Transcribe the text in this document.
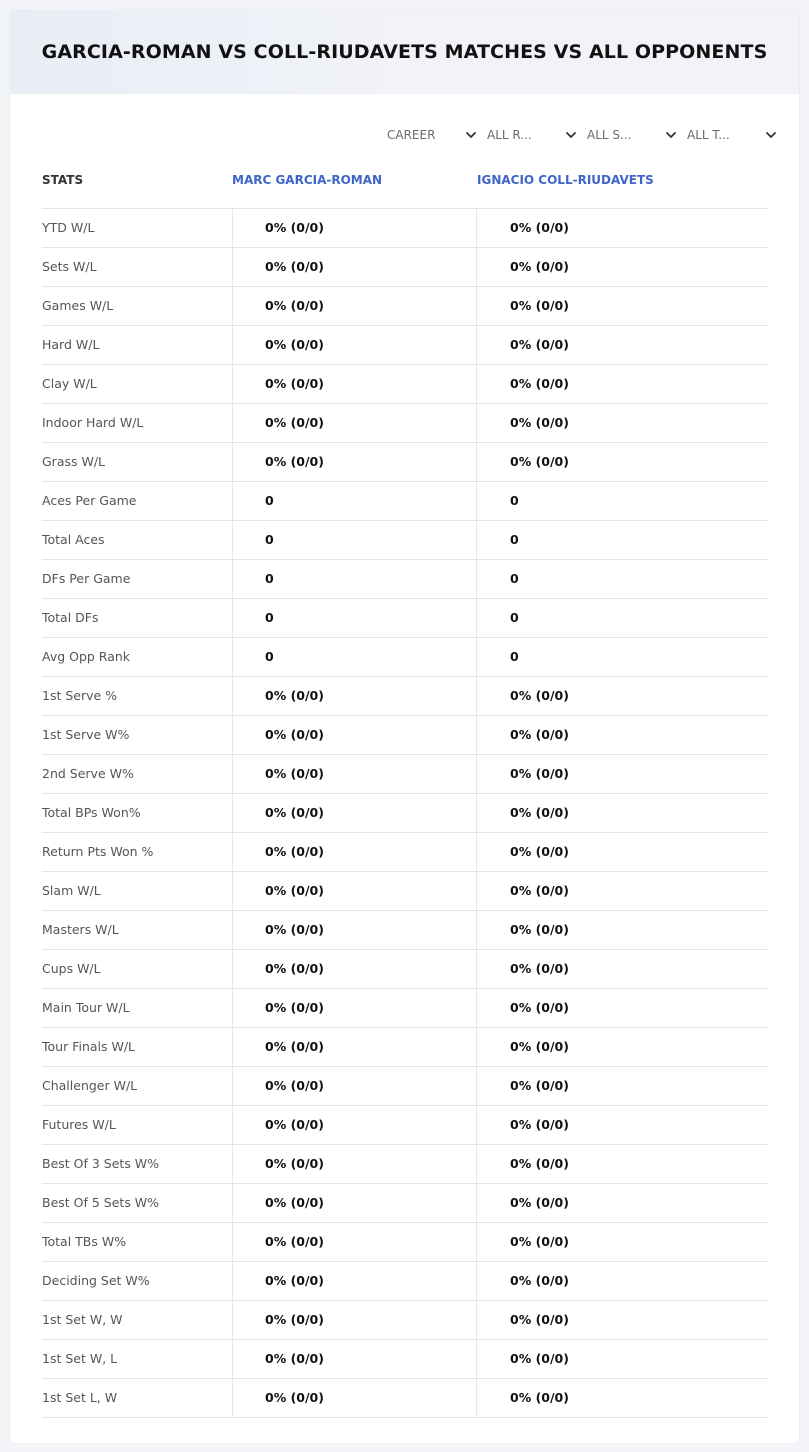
GARCIA-ROMAN VS COLL-RIUDAVETS MATCHES VS ALL OPPONENTS
CAREER	ALL R...	ALL S...	ALL T...
STATS	MARC GARCIA-ROMAN	IGNACIO COLL-RIUDAVETS
YTD W/L	0% (0/0)	0% (0/0)
Sets W/L	0% (0/0)	0% (0/0)
Games W/L	0% (0/0)	0% (0/0)
Hard W/L	0% (0/0)	0% (0/0)
Clay W/L	0% (0/0)	0% (0/0)
Indoor Hard W/L	0% (0/0)	0% (0/0)
Grass W/L	0% (0/0)	0% (0/0)
Aces Per Game	0	0
Total Aces	0	0
DFs Per Game	0	0
Total DFs	0	0
Avg Opp Rank	0	0
1st Serve %	0% (0/0)	0% (0/0)
1st Serve W%	0% (0/0)	0% (0/0)
2nd Serve W%	0% (0/0)	0% (0/0)
Total BPs Won%	0% (0/0)	0% (0/0)
Return Pts Won %	0% (0/0)	0% (0/0)
Slam W/L	0% (0/0)	0% (0/0)
Masters W/L	0% (0/0)	0% (0/0)
Cups W/L	0% (0/0)	0% (0/0)
Main Tour W/L	0% (0/0)	0% (0/0)
Tour Finals W/L	0% (0/0)	0% (0/0)
Challenger W/L	0% (0/0)	0% (0/0)
Futures W/L	0% (0/0)	0% (0/0)
Best Of 3 Sets W%	0% (0/0)	0% (0/0)
Best Of 5 Sets W%	0% (0/0)	0% (0/0)
Total TBs W%	0% (0/0)	0% (0/0)
Deciding Set W%	0% (0/0)	0% (0/0)
1st Set W, W	0% (0/0)	0% (0/0)
1st Set W, L	0% (0/0)	0% (0/0)
1st Set L, W	0% (0/0)	0% (0/0)
